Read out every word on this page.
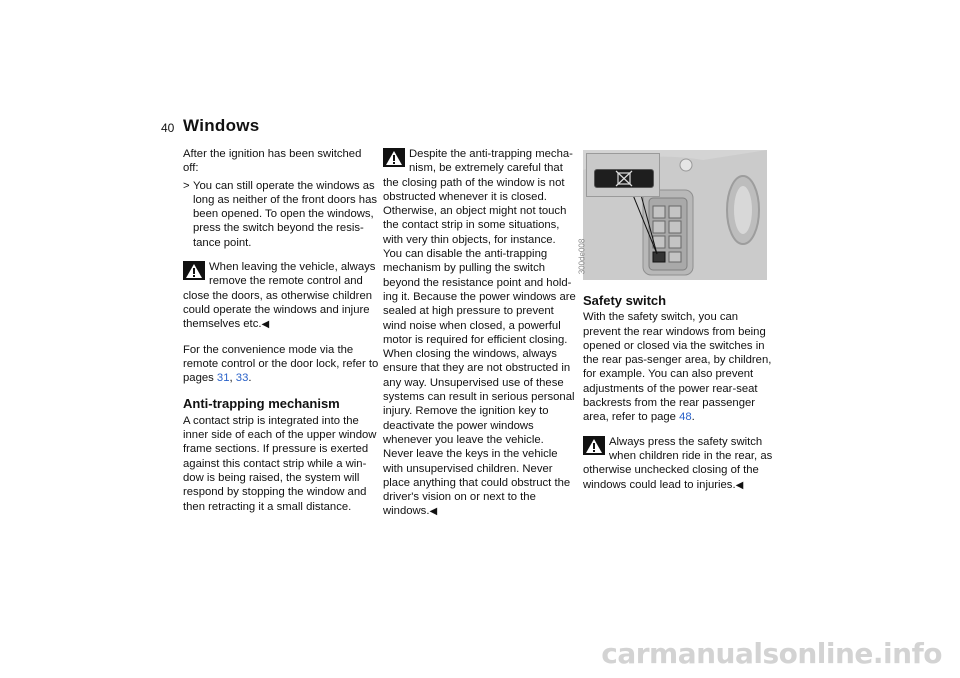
40 Windows

After the ignition has been switched off:

> You can still operate the windows as long as neither of the front doors has been opened. To open the windows, press the switch beyond the resis-tance point.
When leaving the vehicle, always remove the remote control and close the doors, as otherwise children could operate the windows and injure themselves etc.◀

For the convenience mode via the remote control or the door lock, refer to pages 31, 33.

Anti-trapping mechanism

A contact strip is integrated into the inner side of each of the upper window frame sections. If pressure is exerted against this contact strip while a win-dow is being raised, the system will respond by stopping the window and then retracting it a small distance.

Despite the anti-trapping mecha-nism, be extremely careful that the closing path of the window is not obstructed whenever it is closed. Otherwise, an object might not touch the contact strip in some situations, with very thin objects, for instance. You can disable the anti-trapping mechanism by pulling the switch beyond the resistance point and hold-ing it. Because the power windows are sealed at high pressure to prevent wind noise when closed, a powerful motor is required for efficient closing. When closing the windows, always ensure that they are not obstructed in any way. Unsupervised use of these systems can result in serious personal injury. Remove the ignition key to deactivate the power windows whenever you leave the vehicle. Never leave the keys in the vehicle with unsupervised children. Never place anything that could obstruct the driver's vision on or next to the windows.◀
300de008
Safety switch

With the safety switch, you can prevent the rear windows from being opened or closed via the switches in the rear pas-senger area, by children, for example. You can also prevent adjustments of the power rear-seat backrests from the rear passenger area, refer to page 48.

Always press the safety switch when children ride in the rear, as otherwise unchecked closing of the windows could lead to injuries.◀
carmanualsonline.info
